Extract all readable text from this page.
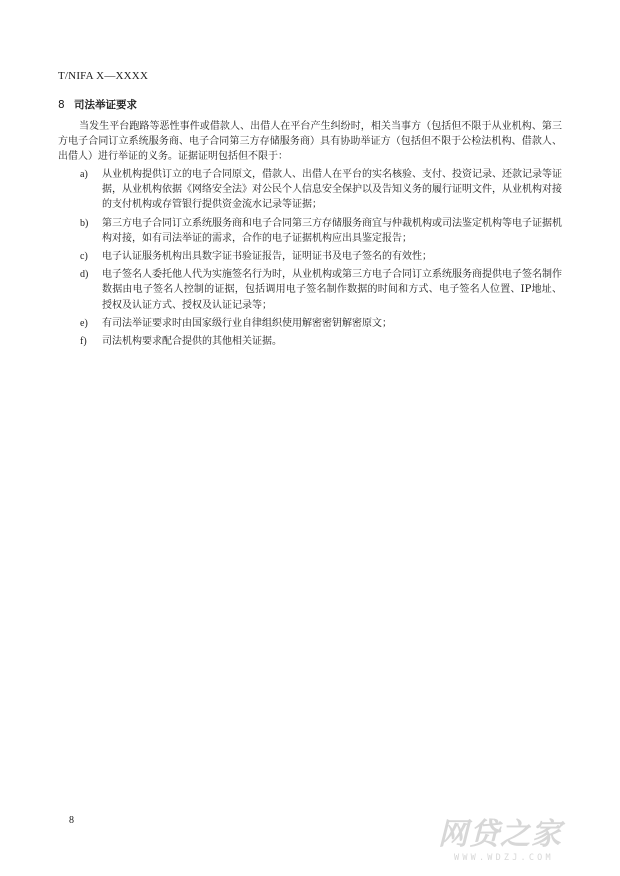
T/NIFA X—XXXX
8 司法举证要求

当发生平台跑路等恶性事件或借款人、出借人在平台产生纠纷时，相关当事方（包括但不限于从业机构、第三方电子合同订立系统服务商、电子合同第三方存储服务商）具有协助举证方（包括但不限于公检法机构、借款人、出借人）进行举证的义务。证据证明包括但不限于：

a) 从业机构提供订立的电子合同原文，借款人、出借人在平台的实名核验、支付、投资记录、还款记录等证据，从业机构依据《网络安全法》对公民个人信息安全保护以及告知义务的履行证明文件，从业机构对接的支付机构或存管银行提供资金流水记录等证据；
b) 第三方电子合同订立系统服务商和电子合同第三方存储服务商宜与仲裁机构或司法鉴定机构等电子证据机构对接，如有司法举证的需求，合作的电子证据机构应出具鉴定报告；
c) 电子认证服务机构出具数字证书验证报告，证明证书及电子签名的有效性；
d) 电子签名人委托他人代为实施签名行为时，从业机构或第三方电子合同订立系统服务商提供电子签名制作数据由电子签名人控制的证据，包括调用电子签名制作数据的时间和方式、电子签名人位置、IP地址、授权及认证方式、授权及认证记录等；
e) 有司法举证要求时由国家级行业自律组织使用解密密钥解密原文；
f) 司法机构要求配合提供的其他相关证据。
8	网贷之家
WWW.WDZJ.COM
